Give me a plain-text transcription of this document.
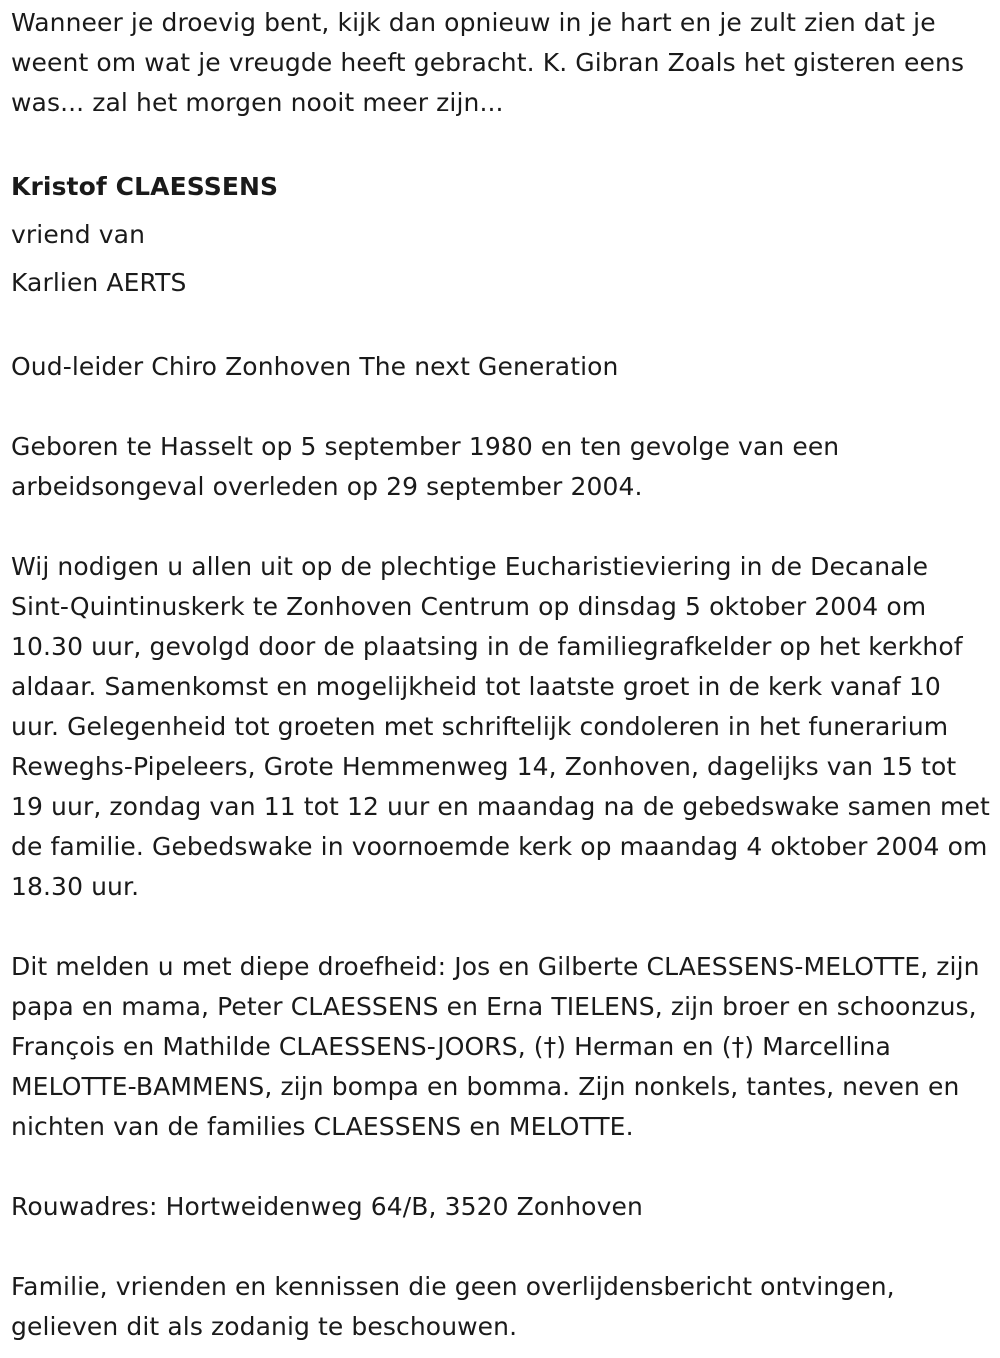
Wanneer je droevig bent, kijk dan opnieuw in je hart en je zult zien dat je weent om wat je vreugde heeft gebracht. K. Gibran Zoals het gisteren eens was... zal het morgen nooit meer zijn...

Kristof CLAESSENS

vriend van

Karlien AERTS

Oud-leider Chiro Zonhoven The next Generation

Geboren te Hasselt op 5 september 1980 en ten gevolge van een arbeidsongeval overleden op 29 september 2004.

Wij nodigen u allen uit op de plechtige Eucharistieviering in de Decanale Sint-Quintinuskerk te Zonhoven Centrum op dinsdag 5 oktober 2004 om 10.30 uur, gevolgd door de plaatsing in de familiegrafkelder op het kerkhof aldaar. Samenkomst en mogelijkheid tot laatste groet in de kerk vanaf 10 uur. Gelegenheid tot groeten met schriftelijk condoleren in het funerarium Reweghs-Pipeleers, Grote Hemmenweg 14, Zonhoven, dagelijks van 15 tot 19 uur, zondag van 11 tot 12 uur en maandag na de gebedswake samen met de familie. Gebedswake in voornoemde kerk op maandag 4 oktober 2004 om 18.30 uur.

Dit melden u met diepe droefheid: Jos en Gilberte CLAESSENS-MELOTTE, zijn papa en mama, Peter CLAESSENS en Erna TIELENS, zijn broer en schoonzus, François en Mathilde CLAESSENS-JOORS, (†) Herman en (†) Marcellina MELOTTE-BAMMENS, zijn bompa en bomma. Zijn nonkels, tantes, neven en nichten van de families CLAESSENS en MELOTTE.

Rouwadres: Hortweidenweg 64/B, 3520 Zonhoven

Familie, vrienden en kennissen die geen overlijdensbericht ontvingen, gelieven dit als zodanig te beschouwen.
